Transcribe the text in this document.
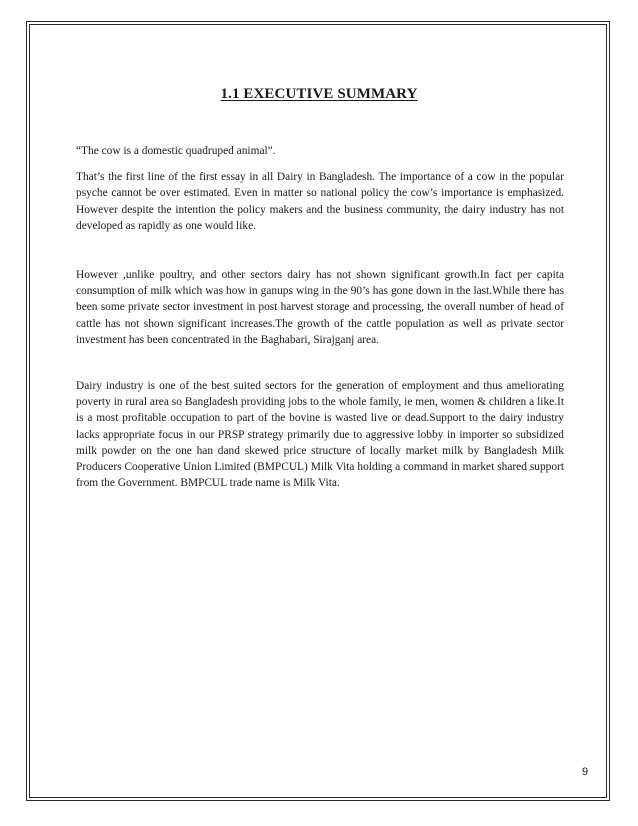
1.1 EXECUTIVE SUMMARY

“The cow is a domestic quadruped animal”.

That’s the first line of the first essay in all Dairy in Bangladesh. The importance of a cow in the popular psyche cannot be over estimated. Even in matter so national policy the cow’s importance is emphasized. However despite the intention the policy makers and the business community, the dairy industry has not developed as rapidly as one would like.

However ,unlike poultry, and other sectors dairy has not shown significant growth.In fact per capita consumption of milk which was how in ganups wing in the 90’s has gone down in the last.While there has been some private sector investment in post harvest storage and processing, the overall number of head of cattle has not shown significant increases.The growth of the cattle population as well as private sector investment has been concentrated in the Baghabari, Sirajganj area.

Dairy industry is one of the best suited sectors for the generation of employment and thus ameliorating poverty in rural area so Bangladesh providing jobs to the whole family, ie men, women & children a like.It is a most profitable occupation to part of the bovine is wasted live or dead.Support to the dairy industry lacks appropriate focus in our PRSP strategy primarily due to aggressive lobby in importer so subsidized milk powder on the one han dand skewed price structure of locally market milk by Bangladesh Milk Producers Cooperative Union Limited (BMPCUL) Milk Vita holding a command in market shared support from the Government. BMPCUL trade name is Milk Vita.

9
